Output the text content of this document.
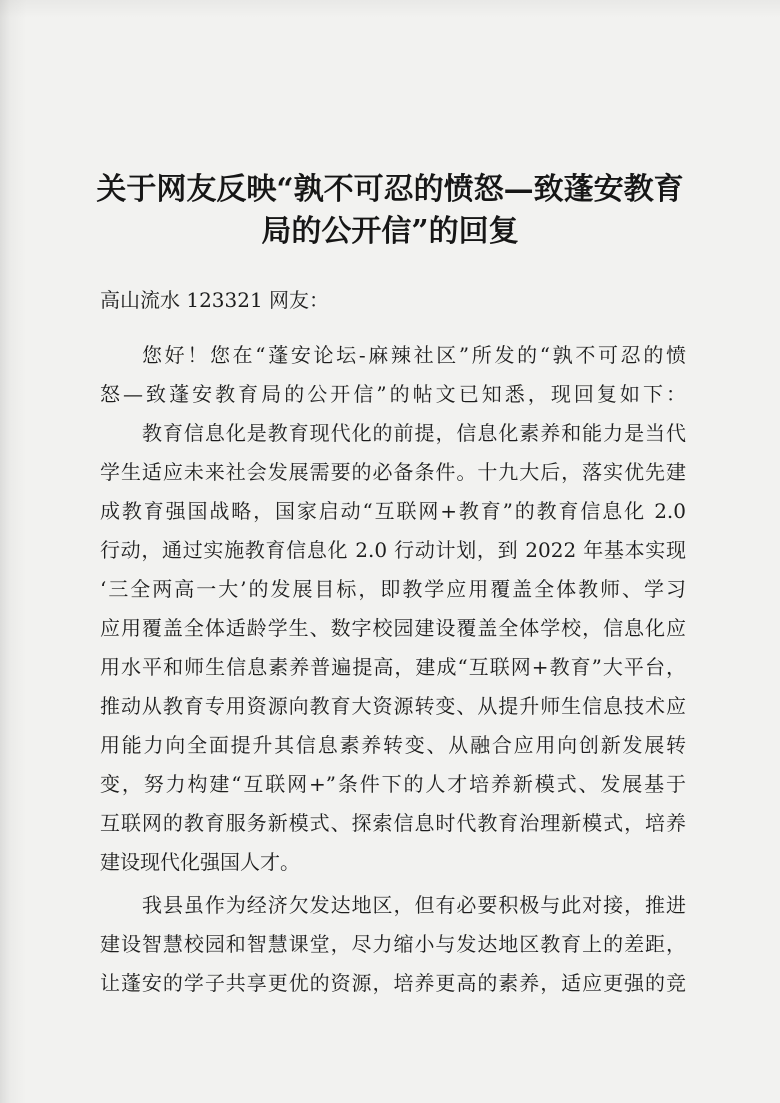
关于网友反映“孰不可忍的愤怒—致蓬安教育
局的公开信”的回复
高山流水 123321 网友：
您好！您在“蓬安论坛-麻辣社区”所发的“孰不可忍的愤
怒—致蓬安教育局的公开信”的帖文已知悉，现回复如下：
教育信息化是教育现代化的前提，信息化素养和能力是当代
学生适应未来社会发展需要的必备条件。十九大后，落实优先建
成教育强国战略，国家启动“互联网+教育”的教育信息化 2.0
行动，通过实施教育信息化 2.0 行动计划，到 2022 年基本实现
‘三全两高一大’的发展目标，即教学应用覆盖全体教师、学习
应用覆盖全体适龄学生、数字校园建设覆盖全体学校，信息化应
用水平和师生信息素养普遍提高，建成“互联网+教育”大平台，
推动从教育专用资源向教育大资源转变、从提升师生信息技术应
用能力向全面提升其信息素养转变、从融合应用向创新发展转
变，努力构建“互联网+”条件下的人才培养新模式、发展基于
互联网的教育服务新模式、探索信息时代教育治理新模式，培养
建设现代化强国人才。
我县虽作为经济欠发达地区，但有必要积极与此对接，推进
建设智慧校园和智慧课堂，尽力缩小与发达地区教育上的差距，
让蓬安的学子共享更优的资源，培养更高的素养，适应更强的竞
